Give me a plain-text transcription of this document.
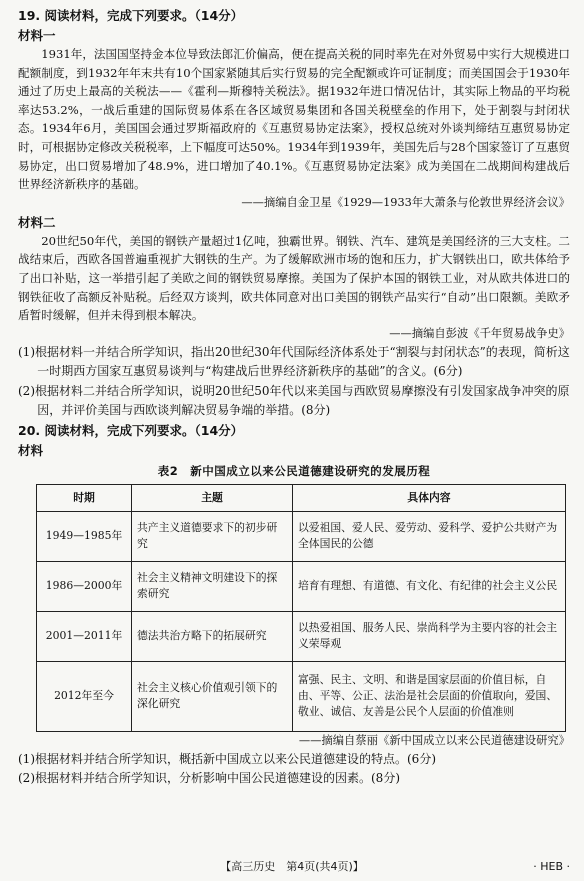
19. 阅读材料，完成下列要求。（14分）

材料一

1931年，法国国坚持金本位导致法郎汇价偏高，便在提高关税的同时率先在对外贸易中实行大规模进口配额制度，到1932年年末共有10个国家紧随其后实行贸易的完全配额或许可证制度；而美国国会于1930年通过了历史上最高的关税法——《霍利—斯穆特关税法》。据1932年进口情况估计，其实际上物品的平均税率达53.2%，一战后重建的国际贸易体系在各区域贸易集团和各国关税壁垒的作用下，处于割裂与封闭状态。1934年6月，美国国会通过罗斯福政府的《互惠贸易协定法案》，授权总统对外谈判缔结互惠贸易协定时，可根据协定修改关税税率，上下幅度可达50%。1934年到1939年，美国先后与28个国家签订了互惠贸易协定，出口贸易增加了48.9%，进口增加了40.1%。《互惠贸易协定法案》成为美国在二战期间构建战后世界经济新秩序的基础。

——摘编自金卫星《1929—1933年大萧条与伦敦世界经济会议》

材料二

20世纪50年代，美国的钢铁产量超过1亿吨，独霸世界。钢铁、汽车、建筑是美国经济的三大支柱。二战结束后，西欧各国普遍重视扩大钢铁的生产。为了缓解欧洲市场的饱和压力，扩大钢铁出口，欧共体给予了出口补贴，这一举措引起了美欧之间的钢铁贸易摩擦。美国为了保护本国的钢铁工业，对从欧共体进口的钢铁征收了高额反补贴税。后经双方谈判，欧共体同意对出口美国的钢铁产品实行“自动”出口限额。美欧矛盾暂时缓解，但并未得到根本解决。

——摘编自彭波《千年贸易战争史》

(1)根据材料一并结合所学知识，指出20世纪30年代国际经济体系处于“割裂与封闭状态”的表现，简析这一时期西方国家互惠贸易谈判与“构建战后世界经济新秩序的基础”的含义。(6分)

(2)根据材料二并结合所学知识，说明20世纪50年代以来美国与西欧贸易摩擦没有引发国家战争冲突的原因，并评价美国与西欧谈判解决贸易争端的举措。(8分)

20. 阅读材料，完成下列要求。（14分）

材料

表2　新中国成立以来公民道德建设研究的发展历程

时期	主题	具体内容
1949—1985年	共产主义道德要求下的初步研究	以爱祖国、爱人民、爱劳动、爱科学、爱护公共财产为全体国民的公德
1986—2000年	社会主义精神文明建设下的探索研究	培育有理想、有道德、有文化、有纪律的社会主义公民
2001—2011年	德法共治方略下的拓展研究	以热爱祖国、服务人民、崇尚科学为主要内容的社会主义荣辱观
2012年至今	社会主义核心价值观引领下的深化研究	富强、民主、文明、和谐是国家层面的价值目标，自由、平等、公正、法治是社会层面的价值取向，爱国、敬业、诚信、友善是公民个人层面的价值准则

——摘编自蔡丽《新中国成立以来公民道德建设研究》

(1)根据材料并结合所学知识，概括新中国成立以来公民道德建设的特点。(6分)

(2)根据材料并结合所学知识，分析影响中国公民道德建设的因素。(8分)

【高三历史　第4页(共4页)】	· HEB ·
